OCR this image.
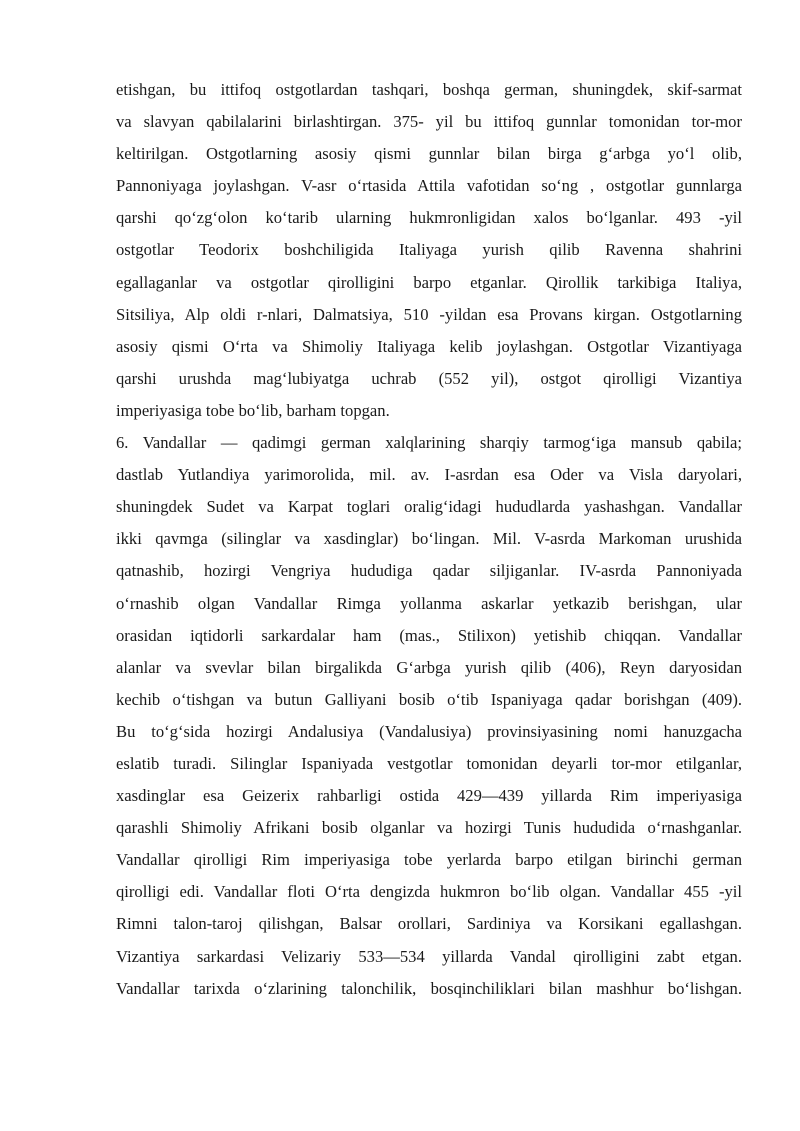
etishgan, bu ittifoq ostgotlardan tashqari, boshqa german, shuningdek, skif-sarmat
va slavyan qabilalarini birlashtirgan. 375- yil bu ittifoq gunnlar tomonidan tor-mor
keltirilgan. Ostgotlarning asosiy qismi gunnlar bilan birga g‘arbga yo‘l olib,
Pannoniyaga joylashgan. V-asr o‘rtasida Attila vafotidan so‘ng , ostgotlar gunnlarga
qarshi qo‘zg‘olon ko‘tarib ularning hukmronligidan xalos bo‘lganlar. 493 -yil
ostgotlar Teodorix boshchiligida Italiyaga yurish qilib Ravenna shahrini
egallaganlar va ostgotlar qirolligini barpo etganlar. Qirollik tarkibiga Italiya,
Sitsiliya, Alp oldi r-nlari, Dalmatsiya, 510 -yildan esa Provans kirgan. Ostgotlarning
asosiy qismi O‘rta va Shimoliy Italiyaga kelib joylashgan. Ostgotlar Vizantiyaga
qarshi urushda mag‘lubiyatga uchrab (552 yil), ostgot qirolligi Vizantiya
imperiyasiga tobe bo‘lib, barham topgan.

6. Vandallar — qadimgi german xalqlarining sharqiy tarmog‘iga mansub qabila;
dastlab Yutlandiya yarimorolida, mil. av. I-asrdan esa Oder va Visla daryolari,
shuningdek Sudet va Karpat toglari oralig‘idagi hududlarda yashashgan. Vandallar
ikki qavmga (silinglar va xasdinglar) bo‘lingan. Mil. V-asrda Markoman urushida
qatnashib, hozirgi Vengriya hududiga qadar siljiganlar. IV-asrda Pannoniyada
o‘rnashib olgan Vandallar Rimga yollanma askarlar yetkazib berishgan, ular
orasidan iqtidorli sarkardalar ham (mas., Stilixon) yetishib chiqqan. Vandallar
alanlar va svevlar bilan birgalikda G‘arbga yurish qilib (406), Reyn daryosidan
kechib o‘tishgan va butun Galliyani bosib o‘tib Ispaniyaga qadar borishgan (409).
Bu to‘g‘sida hozirgi Andalusiya (Vandalusiya) provinsiyasining nomi hanuzgacha
eslatib turadi. Silinglar Ispaniyada vestgotlar tomonidan deyarli tor-mor etilganlar,
xasdinglar esa Geizerix rahbarligi ostida 429—439 yillarda Rim imperiyasiga
qarashli Shimoliy Afrikani bosib olganlar va hozirgi Tunis hududida o‘rnashganlar.
Vandallar qirolligi Rim imperiyasiga tobe yerlarda barpo etilgan birinchi german
qirolligi edi. Vandallar floti O‘rta dengizda hukmron bo‘lib olgan. Vandallar 455 -yil
Rimni talon-taroj qilishgan, Balsar orollari, Sardiniya va Korsikani egallashgan.
Vizantiya sarkardasi Velizariy 533—534 yillarda Vandal qirolligini zabt etgan.
Vandallar tarixda o‘zlarining talonchilik, bosqinchiliklari bilan mashhur bo‘lishgan.
